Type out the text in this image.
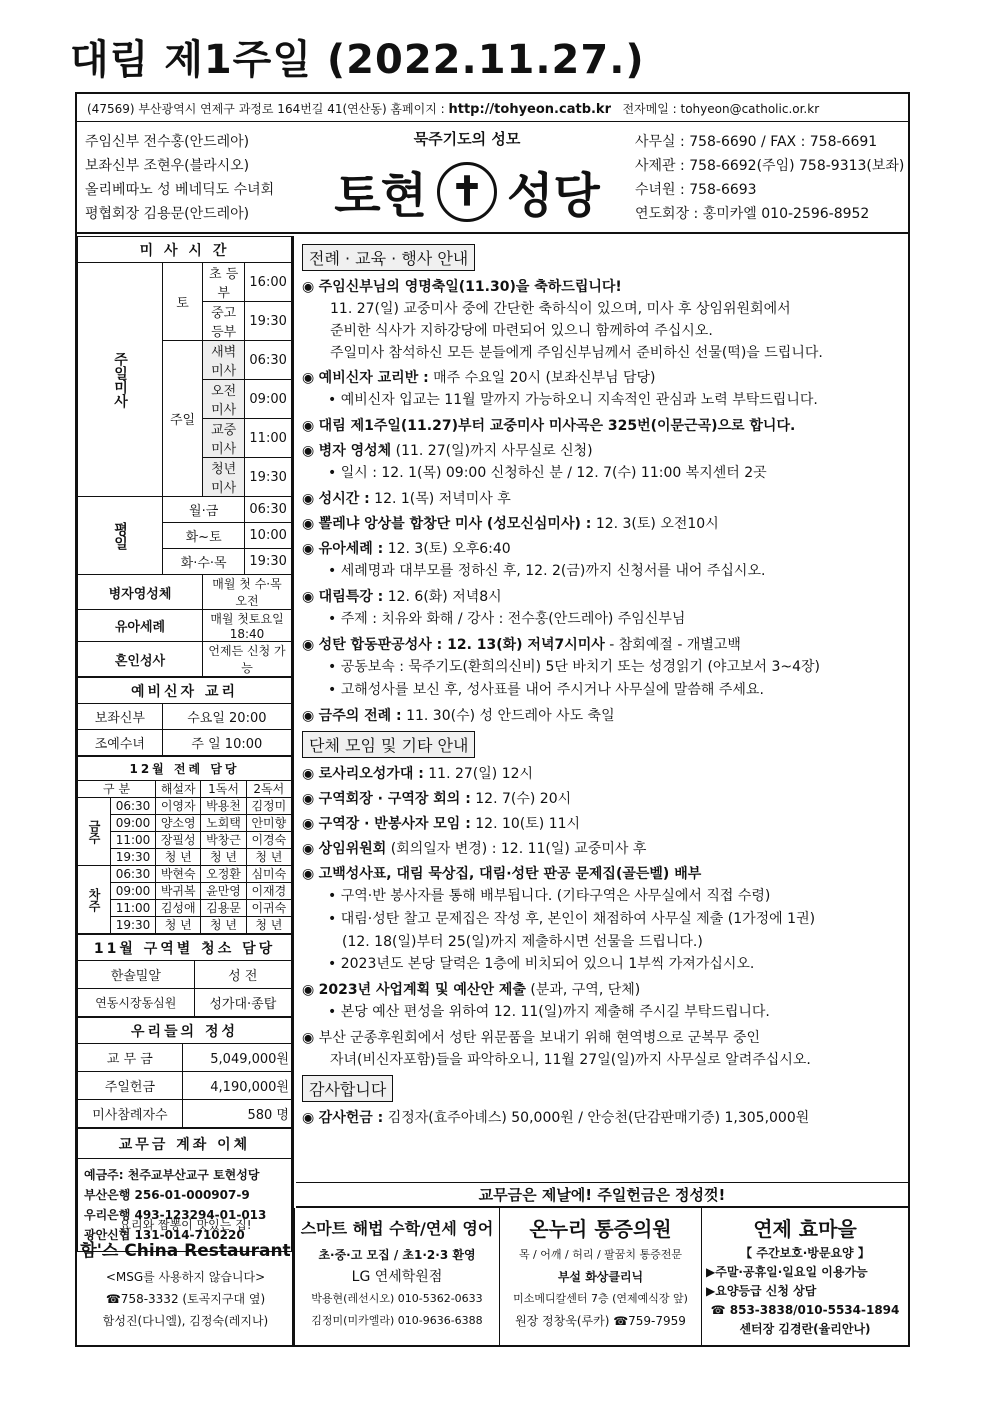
대림 제1주일 (2022.11.27.)
(47569) 부산광역시 연제구 과정로 164번길 41(연산동) 홈페이지 : http://tohyeon.catb.kr 전자메일 : tohyeon@catholic.or.kr
주임신부 전수홍(안드레아)
보좌신부 조현우(블라시오)
올리베따노 성 베네딕도 수녀회
평협회장 김용문(안드레아)
묵주기도의 성모
토현 ✝ 성당
사무실 : 758-6690 / FAX : 758-6691
사제관 : 758-6692(주임) 758-9313(보좌)
수녀원 : 758-6693
연도회장 : 홍미카엘 010-2596-8952
미 사 시 간			
주일미사	토	초 등 부	16:00
		중고등부	19:30
	주일	새벽미사	06:30
		오전미사	09:00
		교중미사	11:00
		청년미사	19:30
평일	월·금		06:30
	화~토		10:00
	화·수·목		19:30
병자영성체		매월 첫 수·목 오전	
유아세례		매월 첫토요일 18:40	
혼인성사		언제든 신청 가능	
예비신자 교리	
보좌신부	수요일 20:00
조예수녀	주 일 10:00
12월 전례 담당				
구 분		해설자	1독서	2독서
금주	06:30	이영자	박용천	김정미
	09:00	양소영	노회택	안미향
	11:00	장필성	박창근	이경숙
	19:30	청 년	청 년	청 년
차주	06:30	박현숙	오정환	심미숙
	09:00	박귀복	윤만영	이재경
	11:00	김성애	김용문	이귀숙
	19:30	청 년	청 년	청 년
11월 구역별 청소 담당	
한솔밀알	성 전
연동시장동심원	성가대·종탑
우리들의 정성	
교 무 금	5,049,000원
주일헌금	4,190,000원
미사참례자수	580 명
교무금 계좌 이체

예금주: 천주교부산교구 토현성당
부산은행 256-01-000907-9
우리은행 493-123294-01-013
광안신협 131-014-710220
전례 · 교육 · 행사 안내
◉ 주임신부님의 영명축일(11.30)을 축하드립니다!
11. 27(일) 교중미사 중에 간단한 축하식이 있으며, 미사 후 상임위원회에서
준비한 식사가 지하강당에 마련되어 있으니 함께하여 주십시오.
주일미사 참석하신 모든 분들에게 주임신부님께서 준비하신 선물(떡)을 드립니다.
◉ 예비신자 교리반 : 매주 수요일 20시 (보좌신부님 담당)
• 예비신자 입교는 11월 말까지 가능하오니 지속적인 관심과 노력 부탁드립니다.
◉ 대림 제1주일(11.27)부터 교중미사 미사곡은 325번(이문근곡)으로 합니다.
◉ 병자 영성체 (11. 27(일)까지 사무실로 신청)
• 일시 : 12. 1(목) 09:00 신청하신 분 / 12. 7(수) 11:00 복지센터 2곳
◉ 성시간 : 12. 1(목) 저녁미사 후
◉ 뽈레냐 앙상블 합창단 미사 (성모신심미사) : 12. 3(토) 오전10시
◉ 유아세례 : 12. 3(토) 오후6:40
• 세례명과 대부모를 정하신 후, 12. 2(금)까지 신청서를 내어 주십시오.
◉ 대림특강 : 12. 6(화) 저녁8시
• 주제 : 치유와 화해 / 강사 : 전수홍(안드레아) 주임신부님
◉ 성탄 합동판공성사 : 12. 13(화) 저녁7시미사 - 참회예절 - 개별고백
• 공동보속 : 묵주기도(환희의신비) 5단 바치기 또는 성경읽기 (야고보서 3~4장)
• 고해성사를 보신 후, 성사표를 내어 주시거나 사무실에 말씀해 주세요.
◉ 금주의 전례 : 11. 30(수) 성 안드레아 사도 축일
단체 모임 및 기타 안내
◉ 로사리오성가대 : 11. 27(일) 12시
◉ 구역회장 · 구역장 회의 : 12. 7(수) 20시
◉ 구역장 · 반봉사자 모임 : 12. 10(토) 11시
◉ 상임위원회 (회의일자 변경) : 12. 11(일) 교중미사 후
◉ 고백성사표, 대림 묵상집, 대림·성탄 판공 문제집(골든벨) 배부
• 구역·반 봉사자를 통해 배부됩니다. (기타구역은 사무실에서 직접 수령)
• 대림·성탄 찰고 문제집은 작성 후, 본인이 채점하여 사무실 제출 (1가정에 1권)
(12. 18(일)부터 25(일)까지 제출하시면 선물을 드립니다.)
• 2023년도 본당 달력은 1층에 비치되어 있으니 1부씩 가져가십시오.
◉ 2023년 사업계획 및 예산안 제출 (분과, 구역, 단체)
• 본당 예산 편성을 위하여 12. 11(일)까지 제출해 주시길 부탁드립니다.
◉ 부산 군종후원회에서 성탄 위문품을 보내기 위해 현역병으로 군복무 중인
자녀(비신자포함)들을 파악하오니, 11월 27일(일)까지 사무실로 알려주십시오.
감사합니다
◉ 감사헌금 : 김정자(효주아녜스) 50,000원 / 안승천(단감판매기증) 1,305,000원
교무금은 제날에! 주일헌금은 정성껏!
요리와 짬뽕이 맛있는 집!
함'스 China Restaurant
<MSG를 사용하지 않습니다>
☎758-3332 (토곡지구대 옆)
함성진(다니엘), 김정숙(레지나)
스마트 해법 수학/연세 영어
초·중·고 모집 / 초1·2·3 환영
LG 연세학원점
박용현(레선시오) 010-5362-0633
김정미(미카엘라) 010-9636-6388
온누리 통증의원
목 / 어깨 / 허리 / 팔꿈치 통증전문
부설 화상클리닉
미소메디칼센터 7층 (연제예식장 앞)
원장 정창욱(루카) ☎759-7959
연제 효마을
【 주간보호·방문요양 】
▶주말·공휴일·일요일 이용가능
▶요양등급 신청 상담
☎ 853-3838/010-5534-1894
센터장 김경란(율리안나)
